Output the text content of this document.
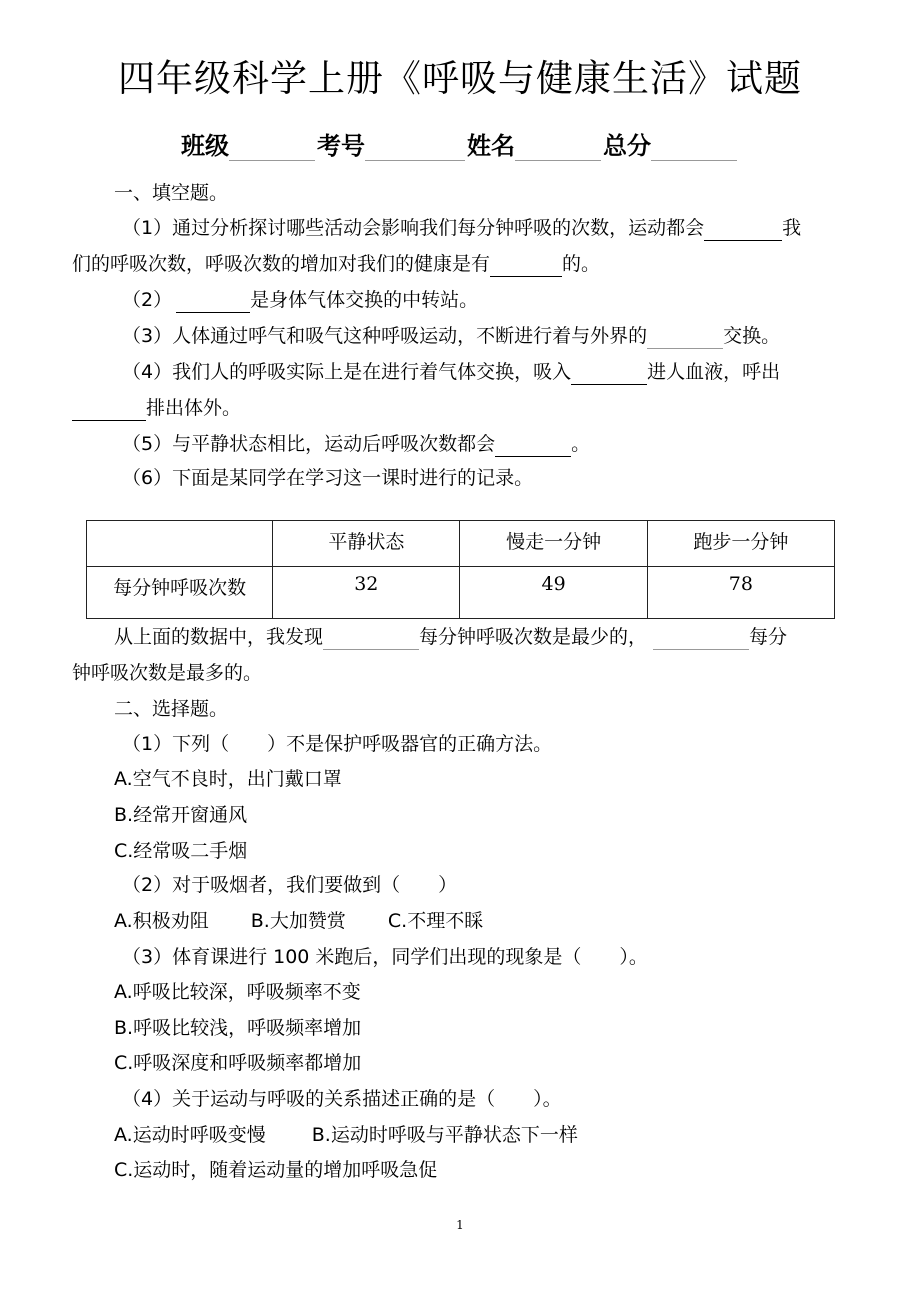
四年级科学上册《呼吸与健康生活》试题
班级	考号	姓名	总分
一、填空题。
（1）通过分析探讨哪些活动会影响我们每分钟呼吸的次数，运动都会	我
们的呼吸次数，呼吸次数的增加对我们的健康是有	的。
（2）	是身体气体交换的中转站。
（3）人体通过呼气和吸气这种呼吸运动，不断进行着与外界的	交换。
（4）我们人的呼吸实际上是在进行着气体交换，吸入	进人血液，呼出
排出体外。
（5）与平静状态相比，运动后呼吸次数都会	。
（6）下面是某同学在学习这一课时进行的记录。
	平静状态	慢走一分钟	跑步一分钟
每分钟呼吸次数	32	49	78
从上面的数据中，我发现	每分钟呼吸次数是最少的，	每分
钟呼吸次数是最多的。
二、选择题。
（1）下列（　　）不是保护呼吸器官的正确方法。
A.空气不良时，出门戴口罩
B.经常开窗通风
C.经常吸二手烟
（2）对于吸烟者，我们要做到（　　）
A.积极劝阻 B.大加赞赏 C.不理不睬
（3）体育课进行 100 米跑后，同学们出现的现象是（　　）。
A.呼吸比较深，呼吸频率不变
B.呼吸比较浅，呼吸频率增加
C.呼吸深度和呼吸频率都增加
（4）关于运动与呼吸的关系描述正确的是（　　）。
A.运动时呼吸变慢 B.运动时呼吸与平静状态下一样
C.运动时，随着运动量的增加呼吸急促
1
